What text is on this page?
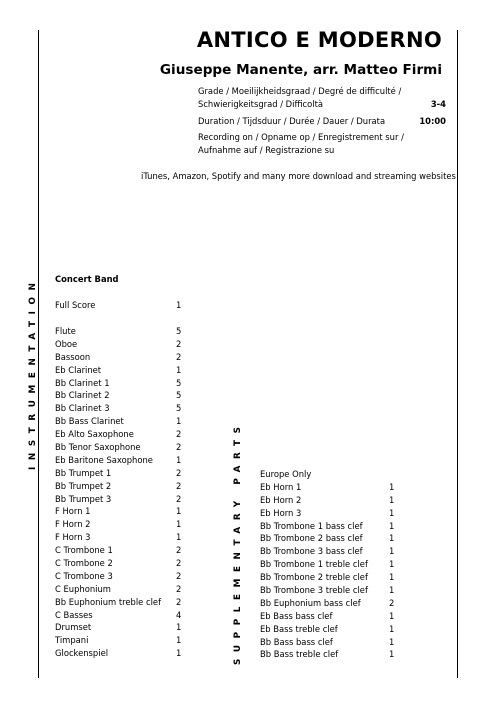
ANTICO E MODERNO
Giuseppe Manente, arr. Matteo Firmi
Grade / Moeilijkheidsgraad / Degré de difficulté / Schwierigkeitsgrad / Difficoltà	3-4
Duration / Tijdsduur / Durée / Dauer / Durata	10:00
Recording on / Opname op / Enregistrement sur / Aufnahme auf / Registrazione su
iTunes, Amazon, Spotify and many more download and streaming websites
INSTRUMENTATION
SUPPLEMENTARY PARTS
Concert Band
Full Score	1
Flute	5
Oboe	2
Bassoon	2
Eb Clarinet	1
Bb Clarinet 1	5
Bb Clarinet 2	5
Bb Clarinet 3	5
Bb Bass Clarinet	1
Eb Alto Saxophone	2
Bb Tenor Saxophone	2
Eb Baritone Saxophone	1
Bb Trumpet 1	2
Bb Trumpet 2	2
Bb Trumpet 3	2
F Horn 1	1
F Horn 2	1
F Horn 3	1
C Trombone 1	2
C Trombone 2	2
C Trombone 3	2
C Euphonium	2
Bb Euphonium treble clef 2
C Basses	4
Drumset	1
Timpani	1
Glockenspiel	1
Europe Only
Eb Horn 1	1
Eb Horn 2	1
Eb Horn 3	1
Bb Trombone 1 bass clef	1
Bb Trombone 2 bass clef	1
Bb Trombone 3 bass clef	1
Bb Trombone 1 treble clef	1
Bb Trombone 2 treble clef	1
Bb Trombone 3 treble clef	1
Bb Euphonium bass clef	2
Eb Bass bass clef	1
Eb Bass treble clef	1
Bb Bass bass clef	1
Bb Bass treble clef	1
